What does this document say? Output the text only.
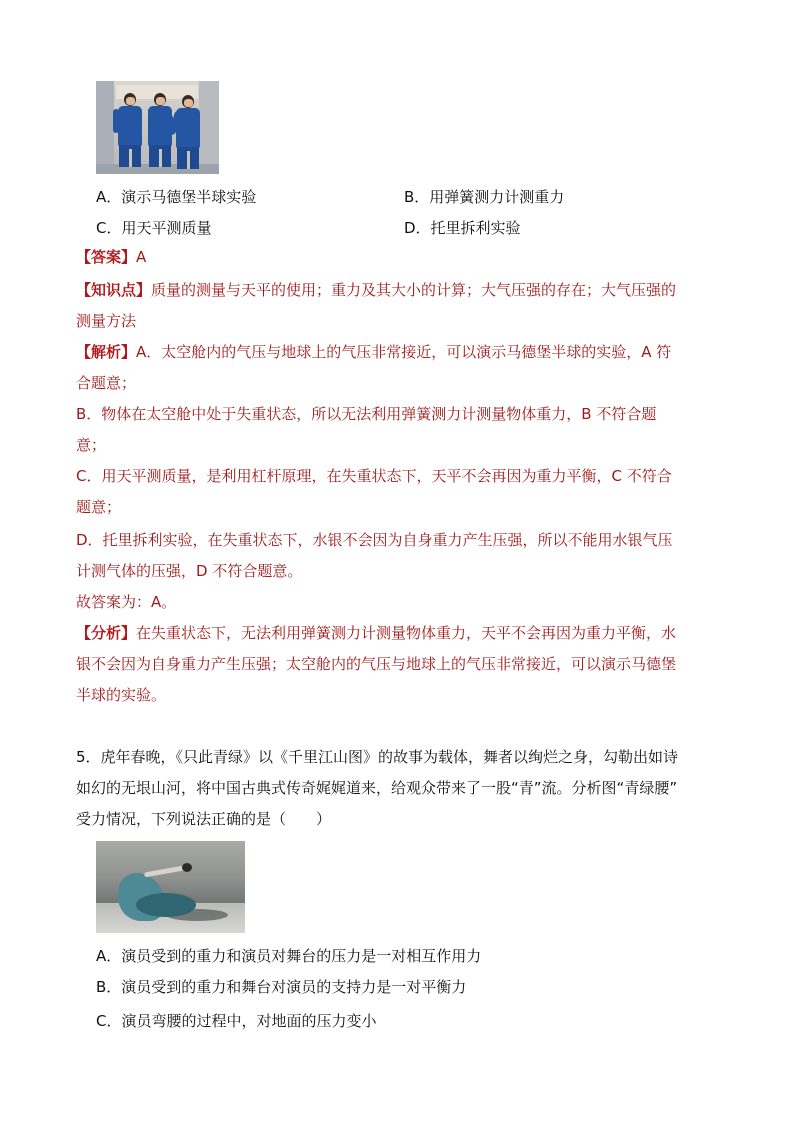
A．演示马德堡半球实验	B．用弹簧测力计测重力
C．用天平测质量	D．托里拆利实验
【答案】A
【知识点】质量的测量与天平的使用；重力及其大小的计算；大气压强的存在；大气压强的
测量方法
【解析】A．太空舱内的气压与地球上的气压非常接近，可以演示马德堡半球的实验，A 符
合题意；
B．物体在太空舱中处于失重状态，所以无法利用弹簧测力计测量物体重力，B 不符合题
意；
C．用天平测质量，是利用杠杆原理，在失重状态下，天平不会再因为重力平衡，C 不符合
题意；
D．托里拆利实验，在失重状态下，水银不会因为自身重力产生压强，所以不能用水银气压
计测气体的压强，D 不符合题意。
故答案为：A。
【分析】在失重状态下，无法利用弹簧测力计测量物体重力，天平不会再因为重力平衡，水
银不会因为自身重力产生压强；太空舱内的气压与地球上的气压非常接近，可以演示马德堡
半球的实验。
5．虎年春晚，《只此青绿》以《千里江山图》的故事为载体，舞者以绚烂之身，勾勒出如诗
如幻的无垠山河，将中国古典式传奇娓娓道来，给观众带来了一股“青”流。分析图“青绿腰”
受力情况，下列说法正确的是（　　）
A．演员受到的重力和演员对舞台的压力是一对相互作用力
B．演员受到的重力和舞台对演员的支持力是一对平衡力
C．演员弯腰的过程中，对地面的压力变小
